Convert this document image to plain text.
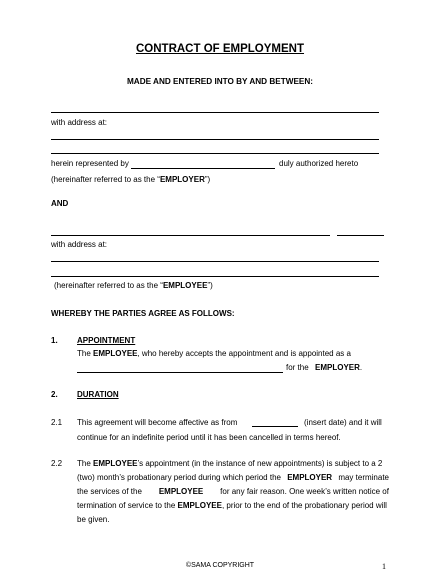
CONTRACT OF EMPLOYMENT
MADE AND ENTERED INTO BY AND BETWEEN:
with address at:
herein represented by	duly authorized hereto
(hereinafter referred to as the “EMPLOYER”)
AND
with address at:
(hereinafter referred to as the “EMPLOYEE”)
WHEREBY THE PARTIES AGREE AS FOLLOWS:
1. APPOINTMENT
The EMPLOYEE, who hereby accepts the appointment and is appointed as a
for the EMPLOYER.
2. DURATION
2.1 This agreement will become affective as from	(insert date) and it will
continue for an indefinite period until it has been cancelled in terms hereof.
2.2 The EMPLOYEE’s appointment (in the instance of new appointments) is subject to a 2
(two) month’s probationary period during which period the EMPLOYER may terminate
the services of the EMPLOYEE for any fair reason. One week’s written notice of
termination of service to the EMPLOYEE, prior to the end of the probationary period will
be given.
©SAMA COPYRIGHT	1
